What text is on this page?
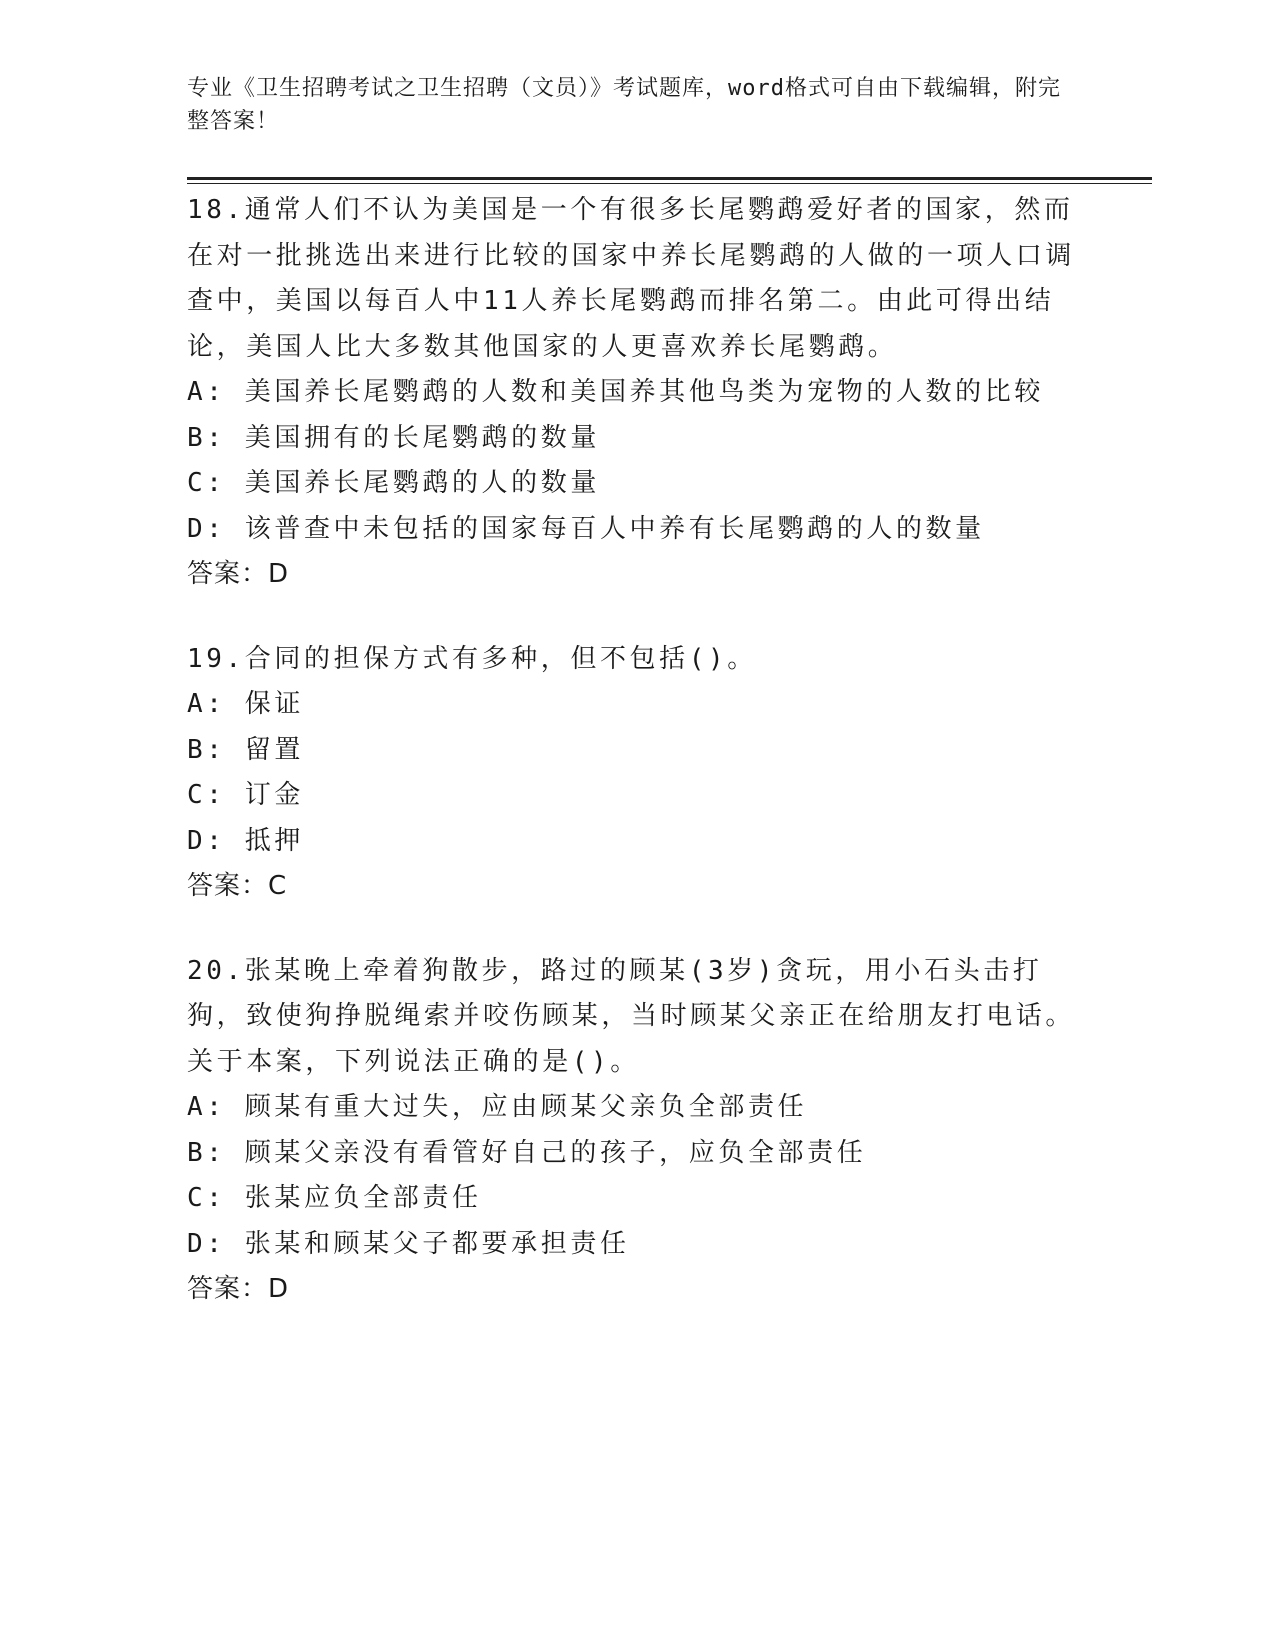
专业《卫生招聘考试之卫生招聘（文员）》考试题库，word格式可自由下载编辑，附完整答案！
18.通常人们不认为美国是一个有很多长尾鹦鹉爱好者的国家，然而在对一批挑选出来进行比较的国家中养长尾鹦鹉的人做的一项人口调查中，美国以每百人中11人养长尾鹦鹉而排名第二。由此可得出结论，美国人比大多数其他国家的人更喜欢养长尾鹦鹉。
A: 美国养长尾鹦鹉的人数和美国养其他鸟类为宠物的人数的比较
B: 美国拥有的长尾鹦鹉的数量
C: 美国养长尾鹦鹉的人的数量
D: 该普查中未包括的国家每百人中养有长尾鹦鹉的人的数量
答案：D
19.合同的担保方式有多种，但不包括()。
A: 保证
B: 留置
C: 订金
D: 抵押
答案：C
20.张某晚上牵着狗散步，路过的顾某(3岁)贪玩，用小石头击打狗，致使狗挣脱绳索并咬伤顾某，当时顾某父亲正在给朋友打电话。关于本案，下列说法正确的是()。
A: 顾某有重大过失，应由顾某父亲负全部责任
B: 顾某父亲没有看管好自己的孩子，应负全部责任
C: 张某应负全部责任
D: 张某和顾某父子都要承担责任
答案：D
